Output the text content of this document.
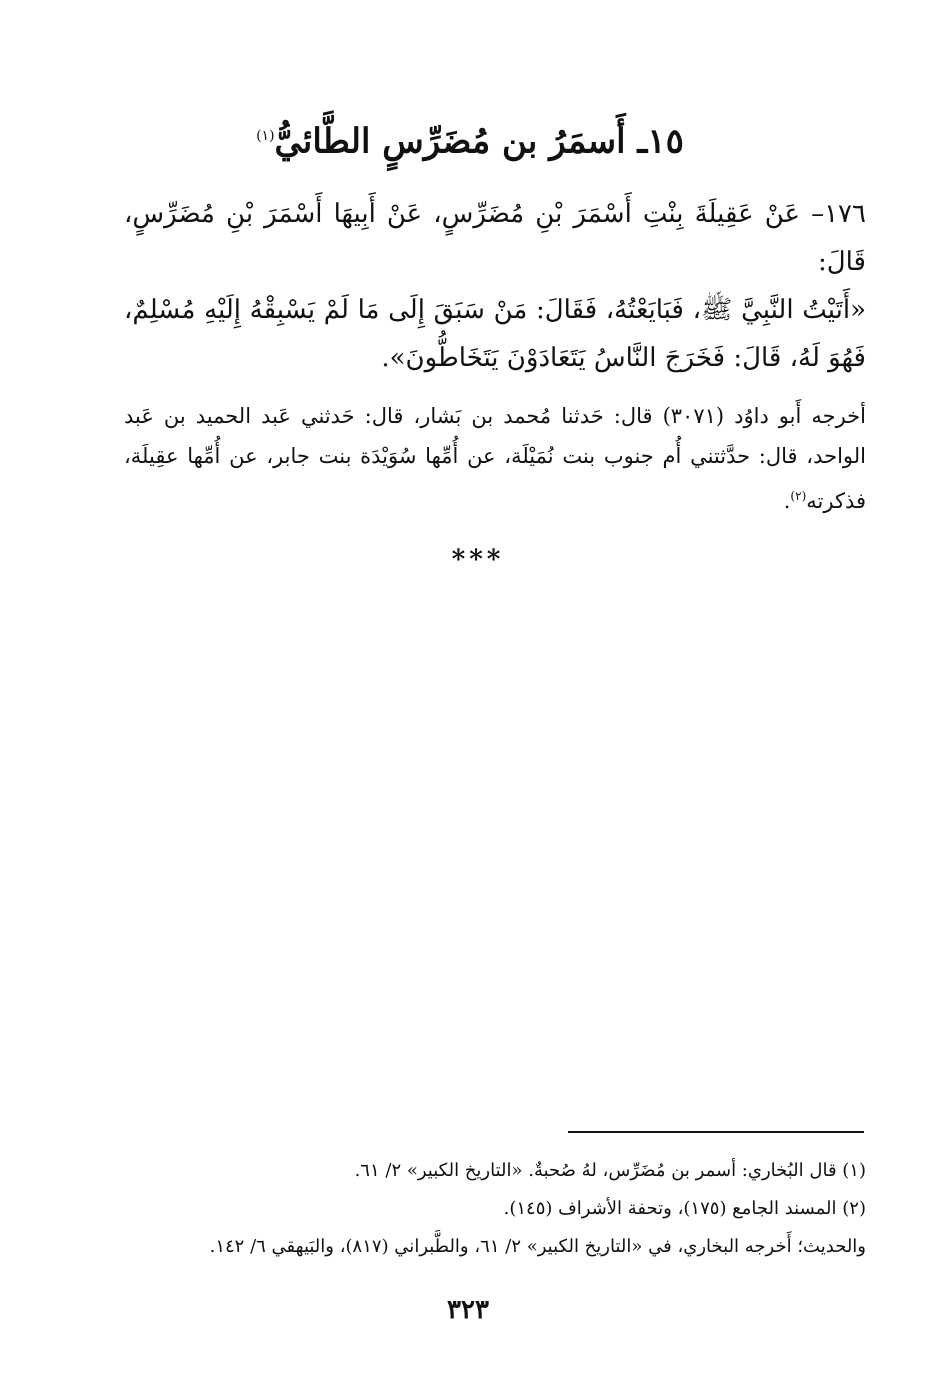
١٥ـ أَسمَرُ بن مُضَرِّسٍ الطَّائيُّ$^{(١)}$
١٧٦– عَنْ عَقِيلَةَ بِنْتِ أَسْمَرَ بْنِ مُضَرِّسٍ، عَنْ أَبِيهَا أَسْمَرَ بْنِ مُضَرِّسٍ، قَالَ:
«أَتَيْتُ النَّبِيَّ ﷺ، فَبَايَعْتُهُ، فَقَالَ: مَنْ سَبَقَ إِلَى مَا لَمْ يَسْبِقْهُ إِلَيْهِ مُسْلِمٌ، فَهُوَ لَهُ، قَالَ: فَخَرَجَ النَّاسُ يَتَعَادَوْنَ يَتَخَاطُّونَ».
أخرجه أَبو داوُد (٣٠٧١) قال: حَدثنا مُحمد بن بَشار، قال: حَدثني عَبد الحميد بن عَبد الواحد، قال: حدَّثتني أُم جنوب بنت نُمَيْلَة، عن أُمِّها سُوَيْدَة بنت جابر، عن أُمِّها عقِيلَة، فذكرته$^{(٢)}$.
***
(١) قال البُخاري: أسمر بن مُضَرِّس، لهُ صُحبةٌ. «التاريخ الكبير» ٢/ ٦١.
(٢) المسند الجامع (١٧٥)، وتحفة الأشراف (١٤٥).
والحديث؛ أَخرجه البخاري، في «التاريخ الكبير» ٢/ ٦١، والطَّبراني (٨١٧)، والبَيهقي ٦/ ١٤٢.
٣٢٣
